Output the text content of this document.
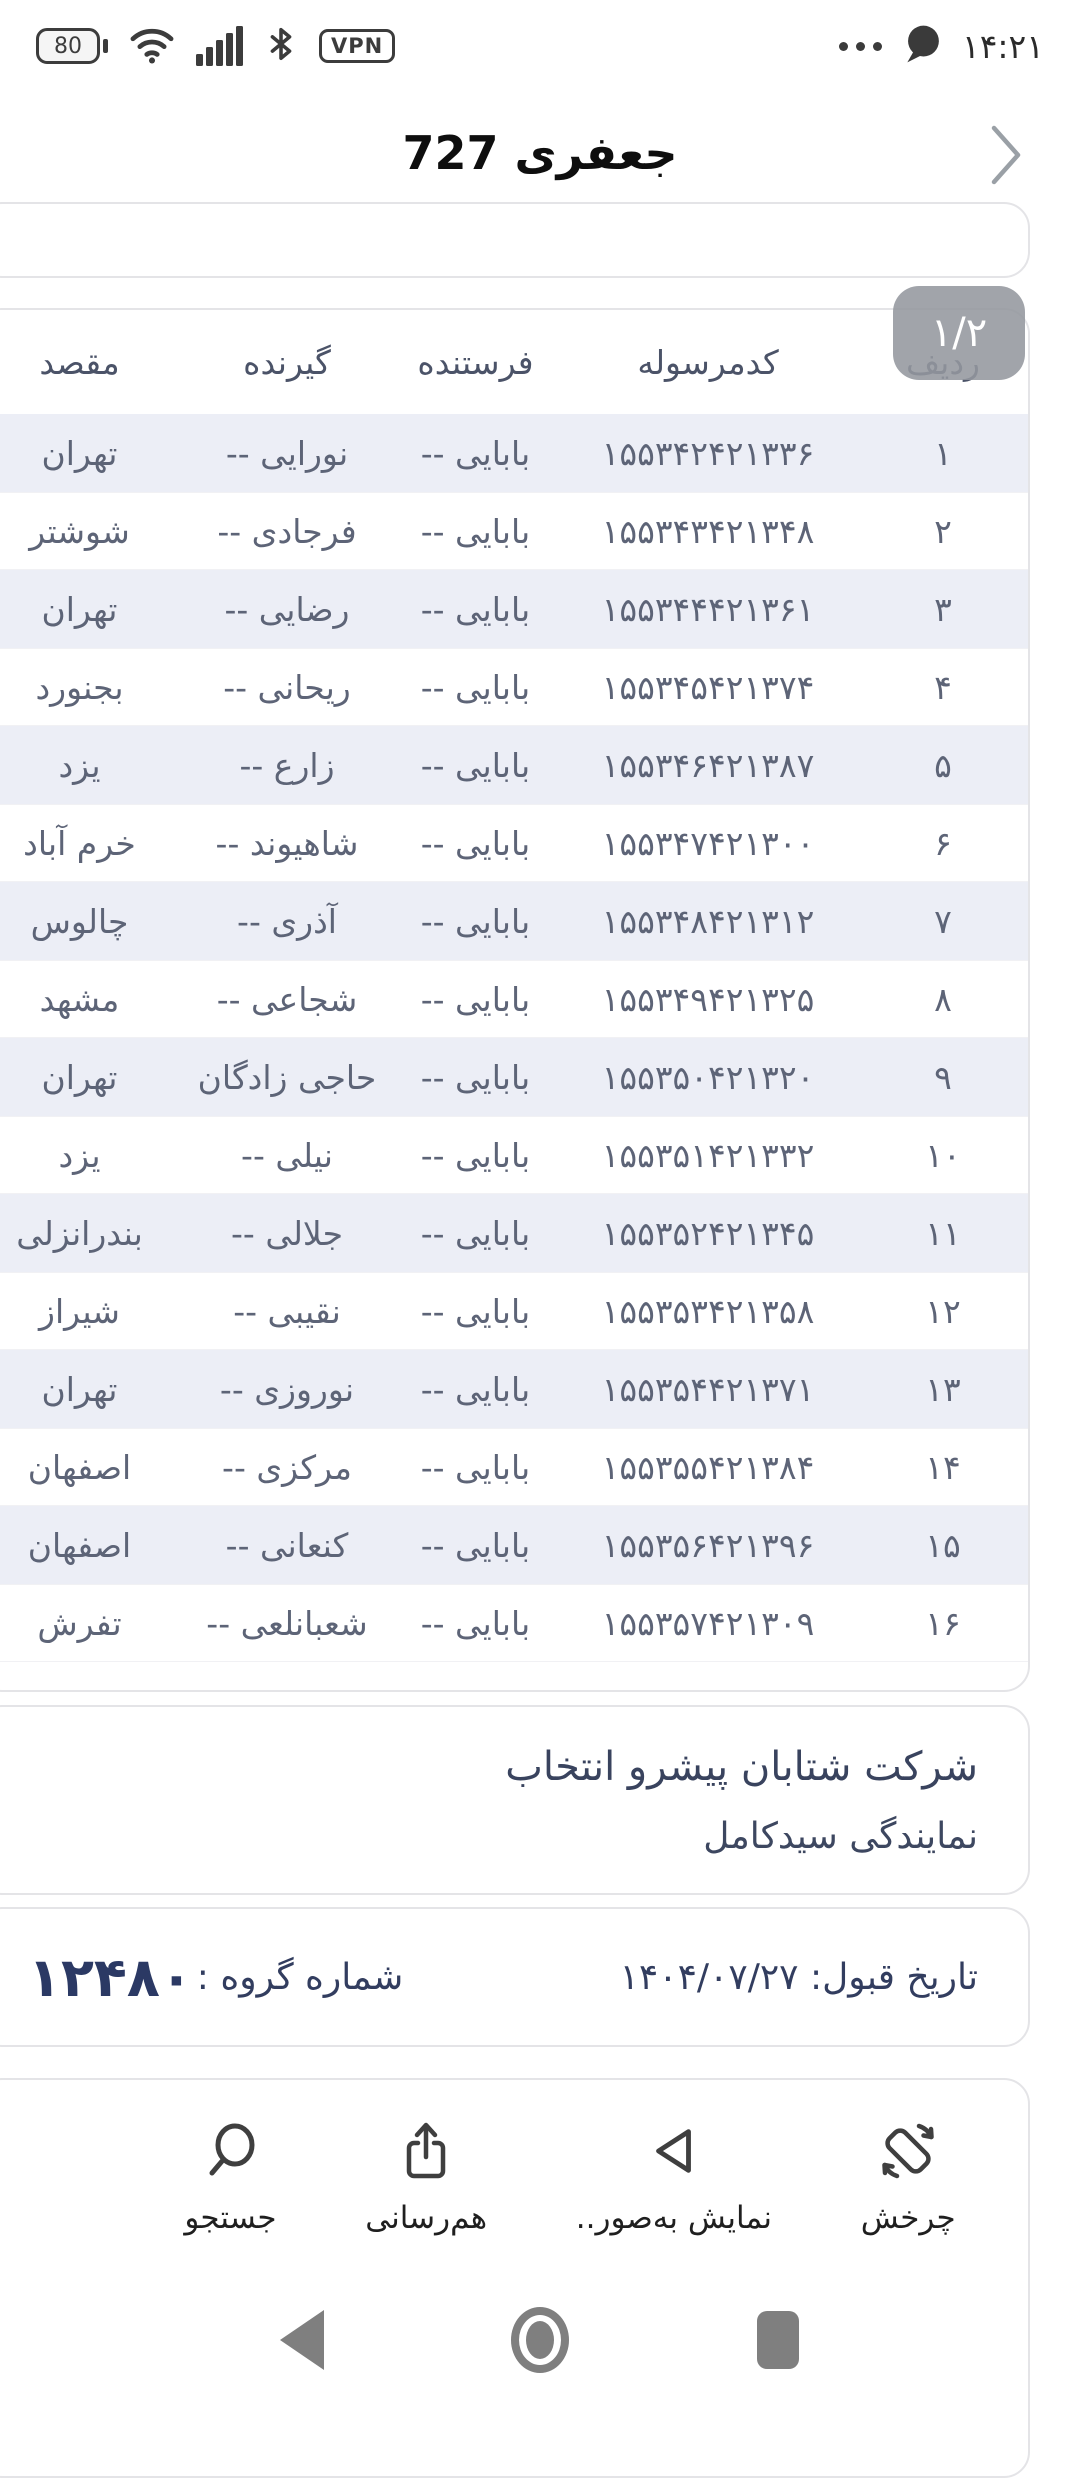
80	VPN	۱۴:۲۱
جعفری 727
۱/۲
کدمرسوله
فرستنده
گیرنده
مقصد
۱
۱۵۵۳۴۲۴۲۱۳۳۶
بابایی --
نورایی --
تهران
۲
۱۵۵۳۴۳۴۲۱۳۴۸
بابایی --
فرجادی --
شوشتر
۳
۱۵۵۳۴۴۴۲۱۳۶۱
بابایی --
رضایی --
تهران
۴
۱۵۵۳۴۵۴۲۱۳۷۴
بابایی --
ریحانی --
بجنورد
۵
۱۵۵۳۴۶۴۲۱۳۸۷
بابایی --
زارع --
یزد
۶
۱۵۵۳۴۷۴۲۱۳۰۰
بابایی --
شاهیوند --
خرم آباد
۷
۱۵۵۳۴۸۴۲۱۳۱۲
بابایی --
آذری --
چالوس
۸
۱۵۵۳۴۹۴۲۱۳۲۵
بابایی --
شجاعی --
مشهد
۹
۱۵۵۳۵۰۴۲۱۳۲۰
بابایی --
حاجی زادگان
تهران
۱۰
۱۵۵۳۵۱۴۲۱۳۳۲
بابایی --
نیلی --
یزد
۱۱
۱۵۵۳۵۲۴۲۱۳۴۵
بابایی --
جلالی --
بندرانزلی
۱۲
۱۵۵۳۵۳۴۲۱۳۵۸
بابایی --
نقیبی --
شیراز
۱۳
۱۵۵۳۵۴۴۲۱۳۷۱
بابایی --
نوروزی --
تهران
۱۴
۱۵۵۳۵۵۴۲۱۳۸۴
بابایی --
مرکزی --
اصفهان
۱۵
۱۵۵۳۵۶۴۲۱۳۹۶
بابایی --
کنعانی --
اصفهان
۱۶
۱۵۵۳۵۷۴۲۱۳۰۹
بابایی --
شعبانلعی --
تفرش
شرکت شتابان پیشرو انتخاب
نمایندگی سیدکامل
تاریخ قبول: ۱۴۰۴/۰۷/۲۷
شماره گروه :
۱۲۴۸۰
چرخش
نمایش به‌صور..
هم‌رسانی
جستجو
